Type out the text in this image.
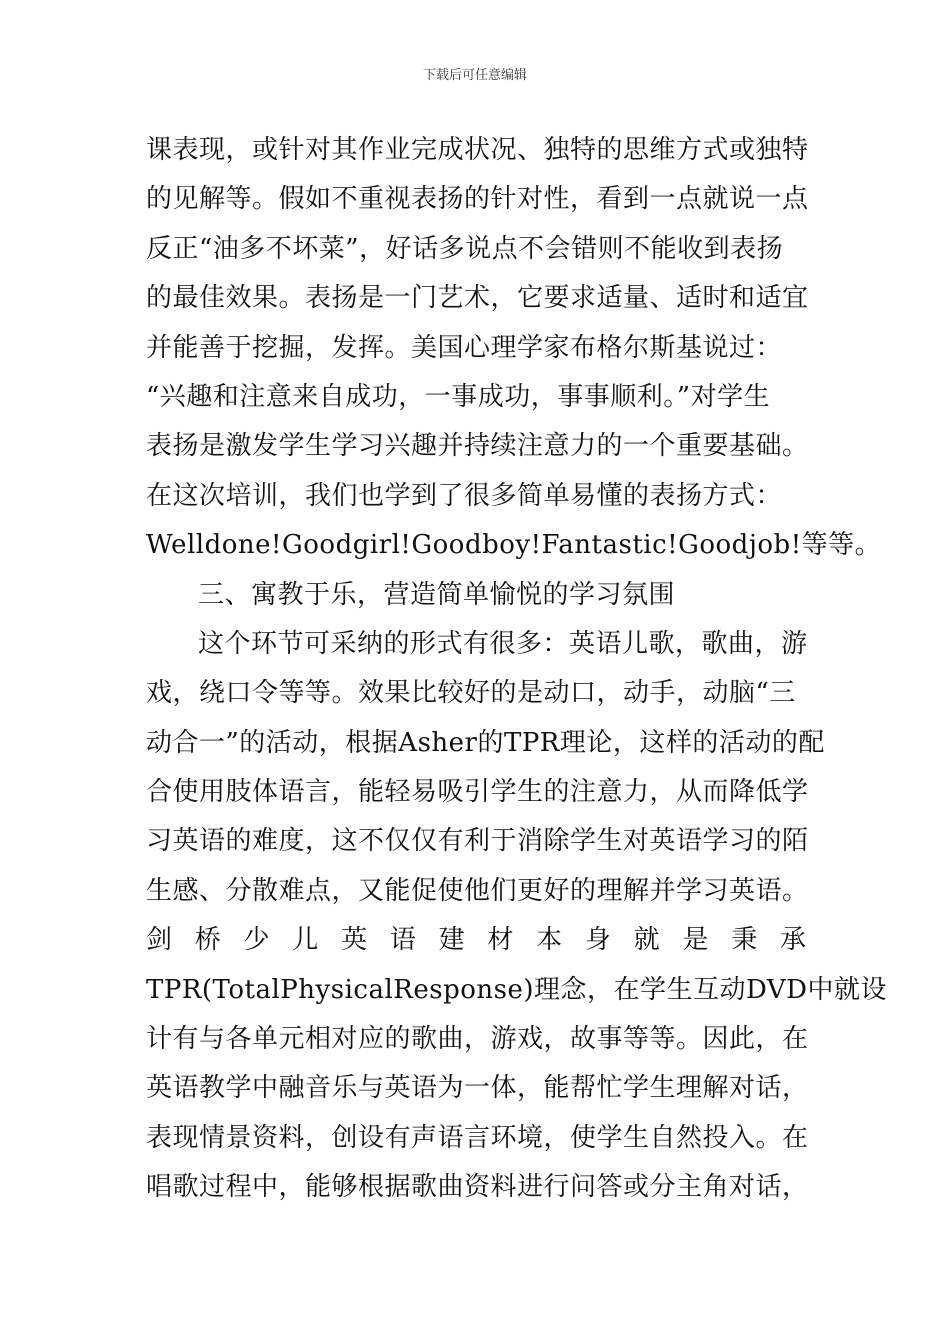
下载后可任意编辑
课表现，或针对其作业完成状况、独特的思维方式或独特
的见解等。假如不重视表扬的针对性，看到一点就说一点
反正“油多不坏菜”，好话多说点不会错则不能收到表扬
的最佳效果。表扬是一门艺术，它要求适量、适时和适宜
并能善于挖掘，发挥。美国心理学家布格尔斯基说过：
“兴趣和注意来自成功，一事成功，事事顺利。”对学生
表扬是激发学生学习兴趣并持续注意力的一个重要基础。
在这次培训，我们也学到了很多简单易懂的表扬方式：
Welldone!Goodgirl!Goodboy!Fantastic!Goodjob!等等。
三、寓教于乐，营造简单愉悦的学习氛围
这个环节可采纳的形式有很多：英语儿歌，歌曲，游
戏，绕口令等等。效果比较好的是动口，动手，动脑“三
动合一”的活动，根据Asher的TPR理论，这样的活动的配
合使用肢体语言，能轻易吸引学生的注意力，从而降低学
习英语的难度，这不仅仅有利于消除学生对英语学习的陌
生感、分散难点，又能促使他们更好的理解并学习英语。
剑 桥 少 儿 英 语 建 材 本 身 就 是 秉 承
TPR(TotalPhysicalResponse)理念，在学生互动DVD中就设
计有与各单元相对应的歌曲，游戏，故事等等。因此，在
英语教学中融音乐与英语为一体，能帮忙学生理解对话，
表现情景资料，创设有声语言环境，使学生自然投入。在
唱歌过程中，能够根据歌曲资料进行问答或分主角对话，
